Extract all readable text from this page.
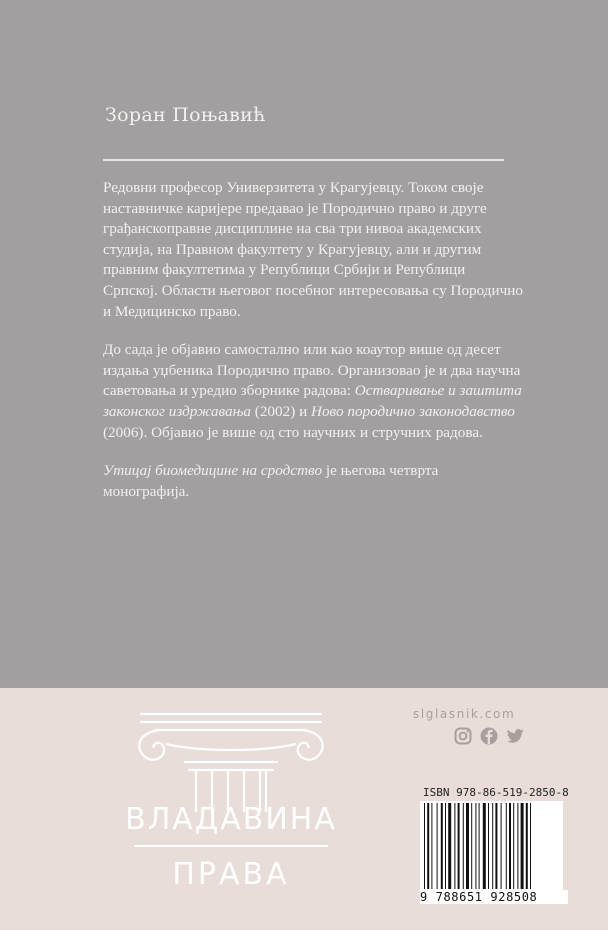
Зоран Поњавић

Редовни професор Универзитета у Крагујевцу. Током своје наставничке каријере предавао је Породично право и друге грађанскоправне дисциплине на сва три нивоа академских студија, на Правном факултету у Крагујевцу, али и другим правним факултетима у Републици Србији и Републици Српској. Области његовог посебног интересовања су Породично и Медицинско право.

До сада је објавио самостално или као коаутор више од десет издања уџбеника Породично право. Организовао је и два научна саветовања и уредио зборнике радова: Остваривање и заштита законског издржавања (2002) и Ново породично законодавство (2006). Објавио је више од сто научних и стручних радова.

Утицај биомедицине на сродство је његова четврта монографија.

ВЛАДАВИНА
ПРАВА
slglasnik.com
ISBN 978-86-519-2850-8
9 788651 928508
